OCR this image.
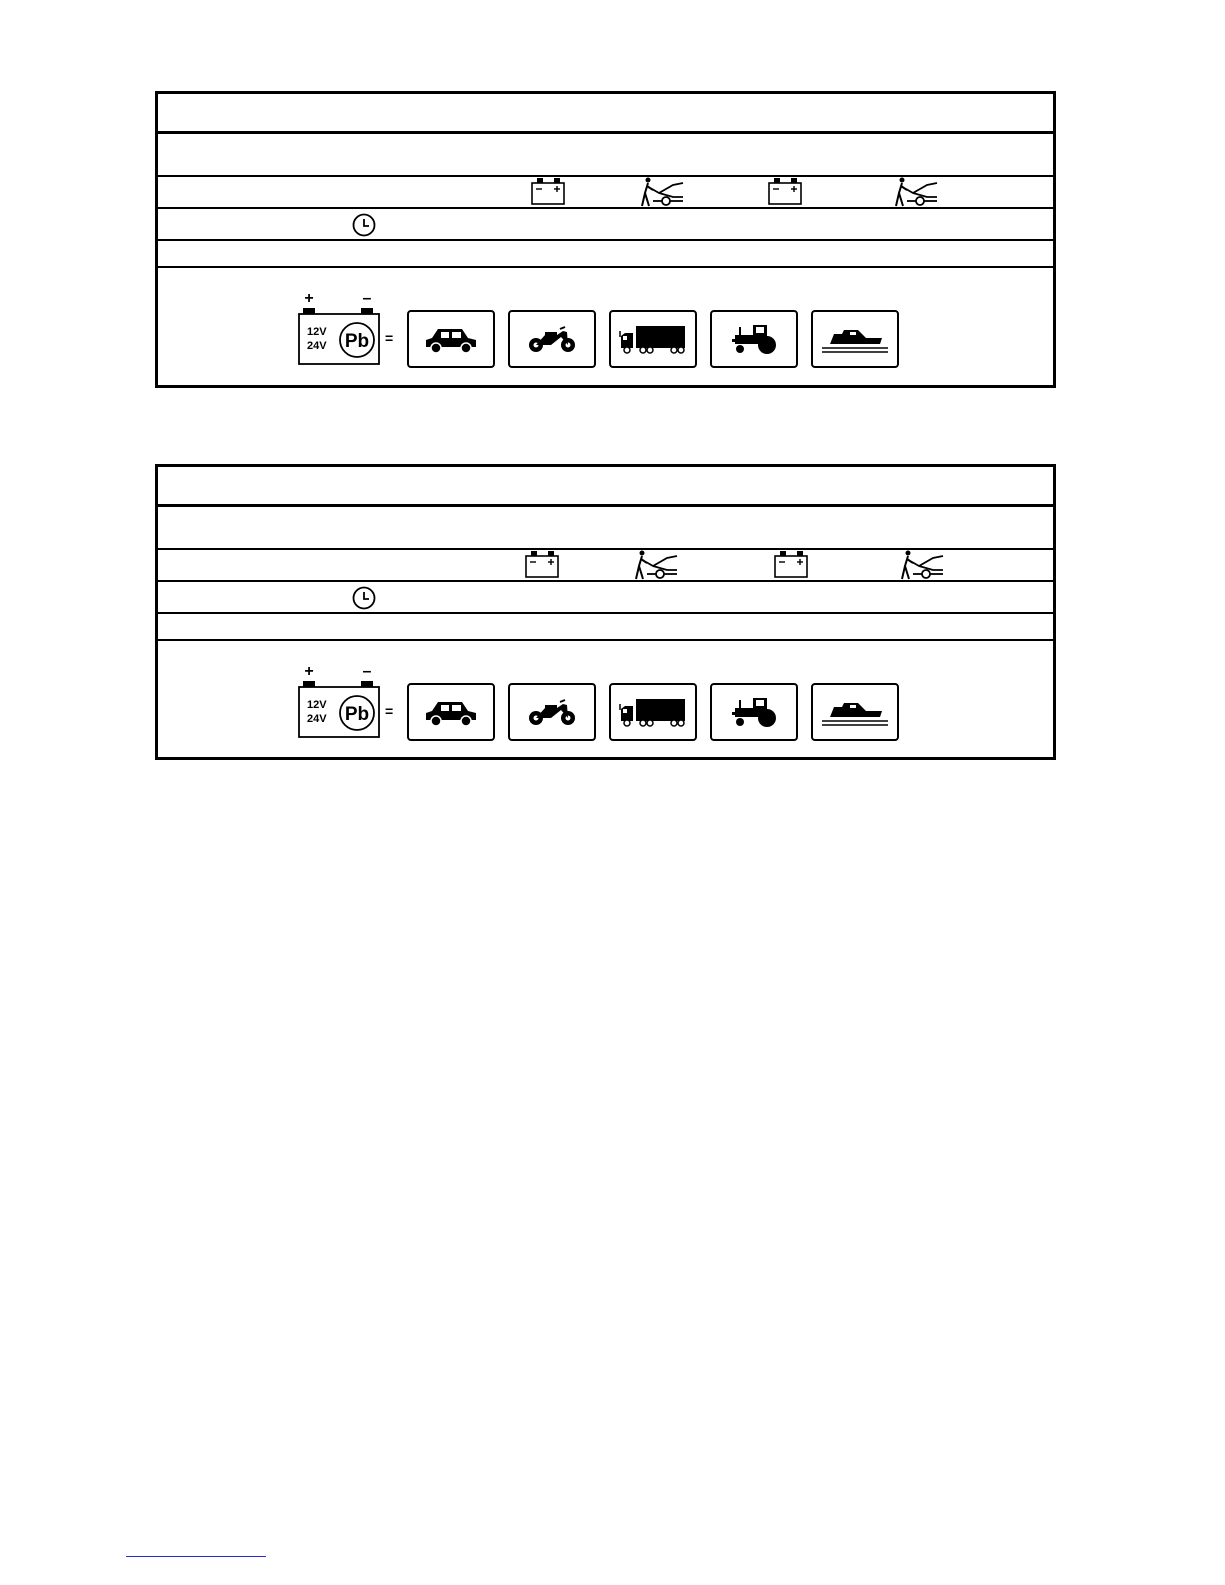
+	–
12V
24V Pb =
+	–
12V
24V Pb =
